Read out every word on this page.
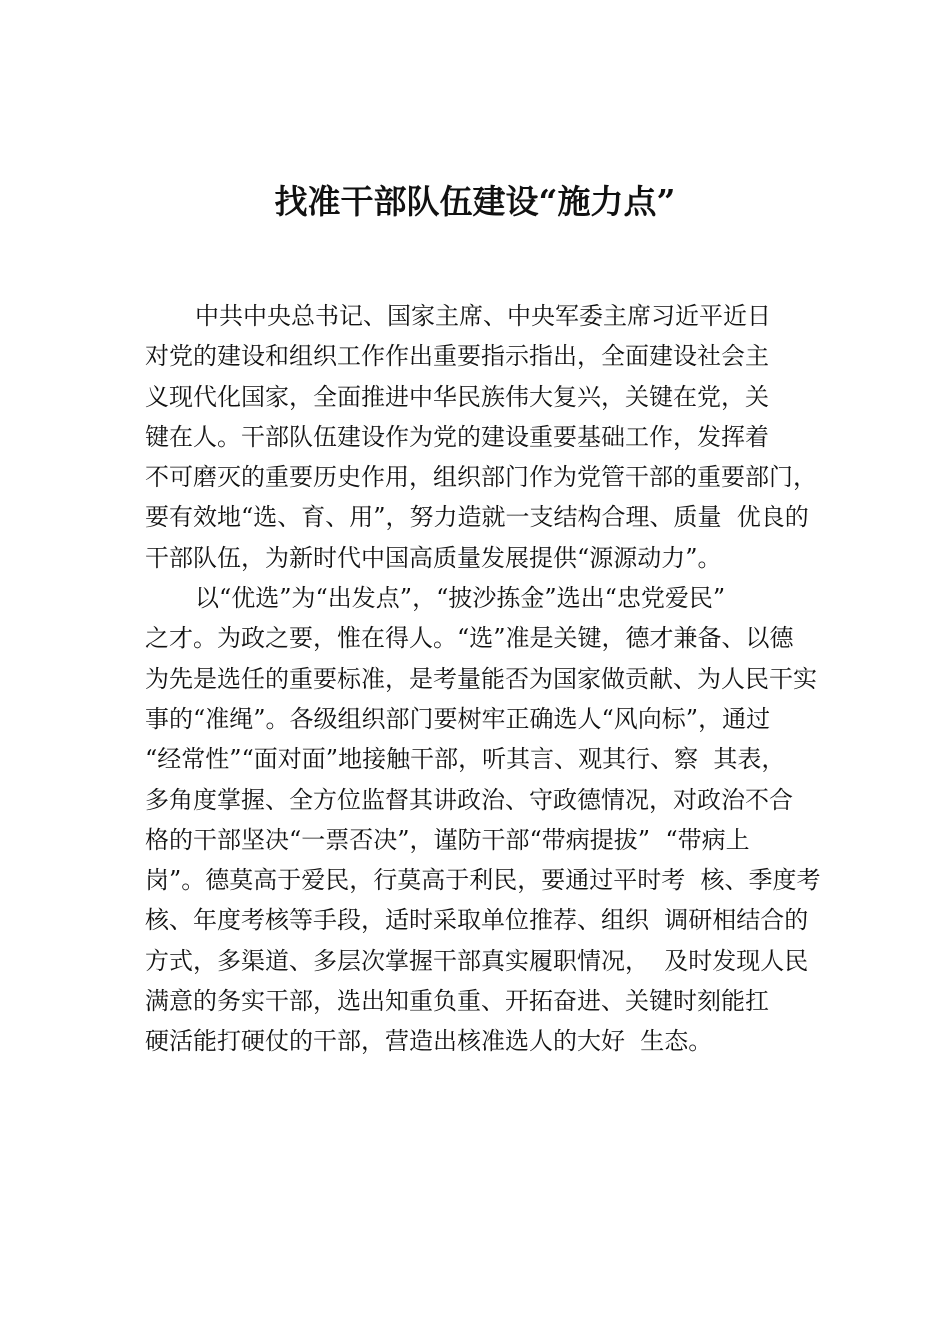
找准干部队伍建设“施力点”
中共中央总书记、国家主席、中央军委主席习近平近日
对党的建设和组织工作作出重要指示指出，全面建设社会主
义现代化国家，全面推进中华民族伟大复兴，关键在党，关
键在人。干部队伍建设作为党的建设重要基础工作，发挥着
不可磨灭的重要历史作用，组织部门作为党管干部的重要部门，
要有效地“选、育、用”，努力造就一支结构合理、质量  优良的
干部队伍，为新时代中国高质量发展提供“源源动力”。
以“优选”为“出发点”，“披沙拣金”选出“忠党爱民”
之才。为政之要，惟在得人。“选”准是关键，德才兼备、以德
为先是选任的重要标准，是考量能否为国家做贡献、为人民干实
事的“准绳”。各级组织部门要树牢正确选人“风向标”，通过
“经常性”“面对面”地接触干部，听其言、观其行、察  其表，
多角度掌握、全方位监督其讲政治、守政德情况，对政治不合
格的干部坚决“一票否决”，谨防干部“带病提拔”  “带病上
岗”。德莫高于爱民，行莫高于利民，要通过平时考  核、季度考
核、年度考核等手段，适时采取单位推荐、组织  调研相结合的
方式，多渠道、多层次掌握干部真实履职情况，  及时发现人民
满意的务实干部，选出知重负重、开拓奋进、关键时刻能扛
硬活能打硬仗的干部，营造出核准选人的大好  生态。
